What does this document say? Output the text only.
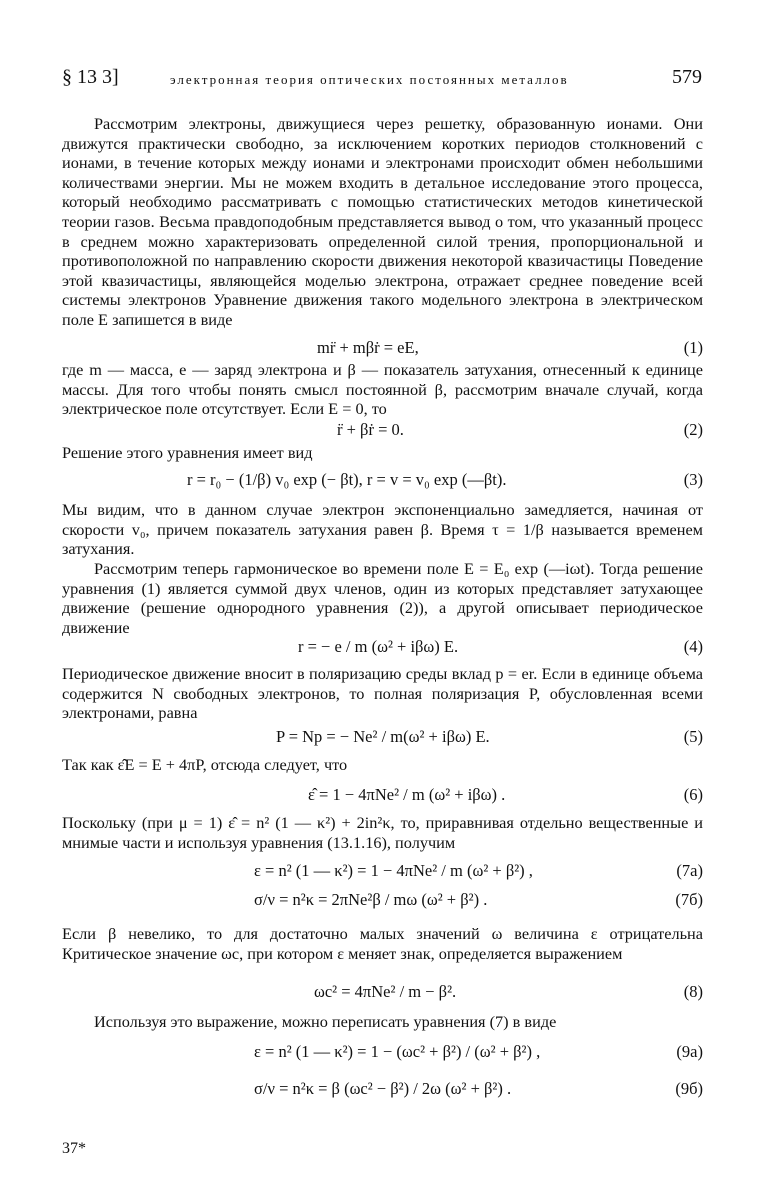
§ 13 3]	электронная теория оптических постоянных металлов	579

Рассмотрим электроны, движущиеся через решетку, образованную ионами. Они движутся практически свободно, за исключением коротких периодов столкновений с ионами, в течение которых между ионами и электронами происходит обмен небольшими количествами энергии. Мы не можем входить в детальное исследование этого процесса, который необходимо рассматривать с помощью статистических методов кинетической теории газов. Весьма правдоподобным представляется вывод о том, что указанный процесс в среднем можно характеризовать определенной силой трения, пропорциональной и противоположной по направлению скорости движения некоторой квазичастицы Поведение этой квазичастицы, являющейся моделью электрона, отражает среднее поведение всей системы электронов Уравнение движения такого модельного электрона в электрическом поле E запишется в виде

mr̈ + mβṙ = eE,	(1)

где m — масса, e — заряд электрона и β — показатель затухания, отнесенный к единице массы. Для того чтобы понять смысл постоянной β, рассмотрим вначале случай, когда электрическое поле отсутствует. Если E = 0, то

r̈ + βṙ = 0.	(2)

Решение этого уравнения имеет вид

r = r₀ − (1/β) v₀ exp (− βt), r = v = v₀ exp (—βt).	(3)

Мы видим, что в данном случае электрон экспоненциально замедляется, начиная от скорости v₀, причем показатель затухания равен β. Время τ = 1/β называется временем затухания.

Рассмотрим теперь гармоническое во времени поле E = E₀ exp (—iωt). Тогда решение уравнения (1) является суммой двух членов, один из которых представляет затухающее движение (решение однородного уравнения (2)), а другой описывает периодическое движение

r = − e / m (ω² + iβω) E.	(4)

Периодическое движение вносит в поляризацию среды вклад p = er. Если в единице объема содержится N свободных электронов, то полная поляризация P, обусловленная всеми электронами, равна

P = Np = − Ne² / m(ω² + iβω) E.	(5)

Так как ε̂E = E + 4πP, отсюда следует, что

ε̂ = 1 − 4πNe² / m (ω² + iβω) .	(6)

Поскольку (при μ = 1) ε̂ = n² (1 — κ²) + 2in²κ, то, приравнивая отдельно вещественные и мнимые части и используя уравнения (13.1.16), получим

ε = n² (1 — κ²) = 1 − 4πNe² / m (ω² + β²) ,	(7а)
σ/ν = n²κ = 2πNe²β / mω (ω² + β²) .	(7б)

Если β невелико, то для достаточно малых значений ω величина ε отрицательна Критическое значение ωc, при котором ε меняет знак, определяется выражением

ωc² = 4πNe² / m − β².	(8)

Используя это выражение, можно переписать уравнения (7) в виде

ε = n² (1 — κ²) = 1 − (ωc² + β²) / (ω² + β²) ,	(9а)
σ/ν = n²κ = β (ωc² − β²) / 2ω (ω² + β²) .	(9б)
37*
